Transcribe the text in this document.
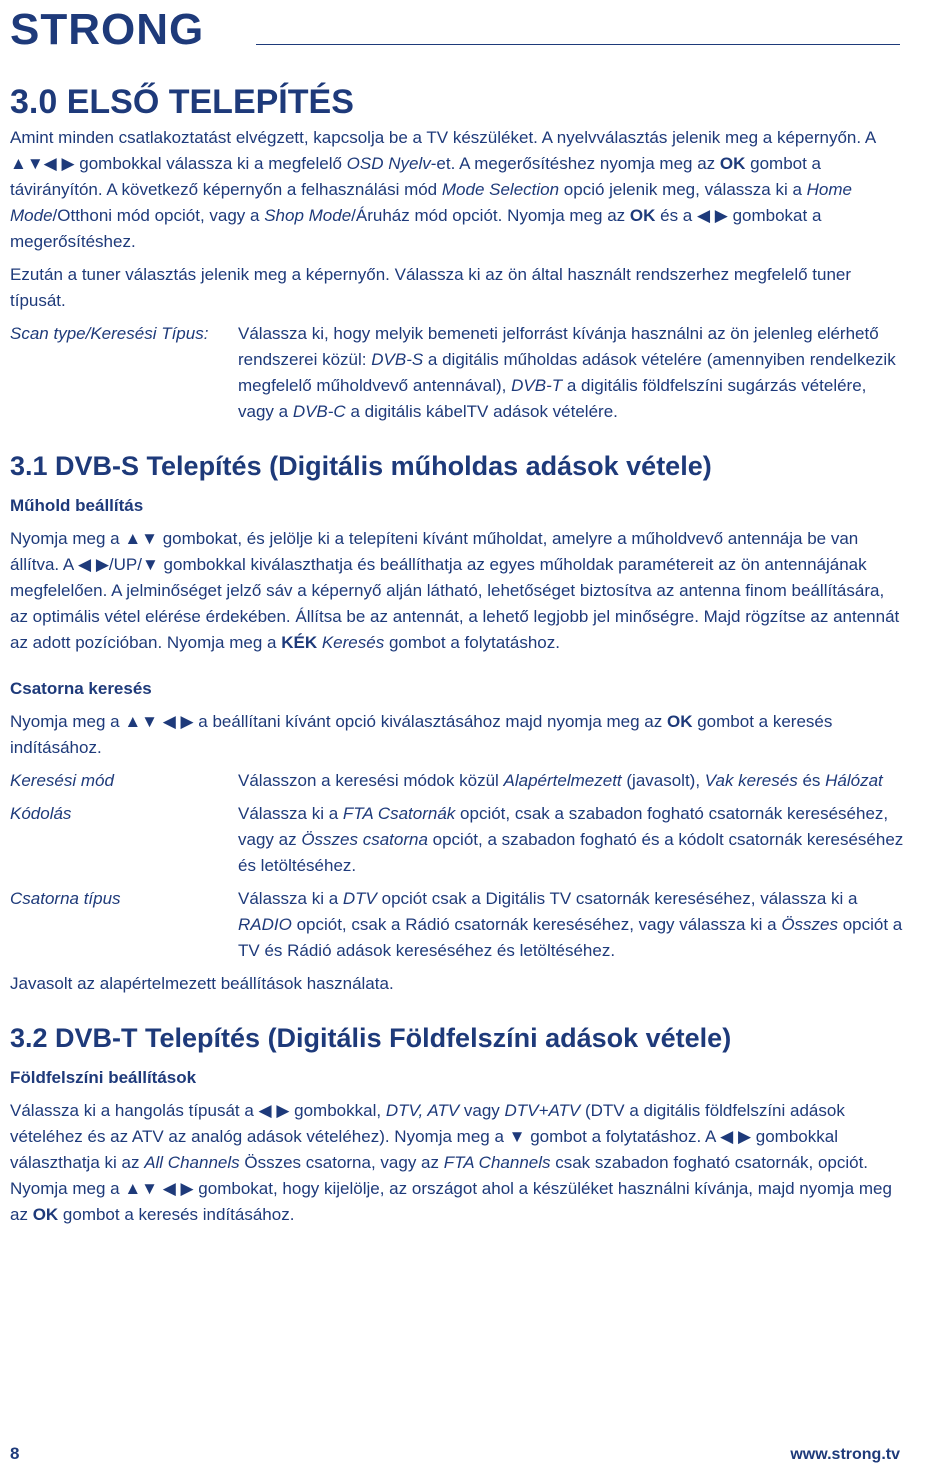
STRONG
3.0 ELSŐ TELEPÍTÉS

Amint minden csatlakoztatást elvégzett, kapcsolja be a TV készüléket. A nyelvválasztás jelenik meg a képernyőn. A ▲▼◀ ▶ gombokkal válassza ki a megfelelő OSD Nyelv-et. A megerősítéshez nyomja meg az OK gombot a távirányítón. A következő képernyőn a felhasználási mód Mode Selection opció jelenik meg, válassza ki a Home Mode/Otthoni mód opciót, vagy a Shop Mode/Áruház mód opciót. Nyomja meg az OK és a ◀ ▶ gombokat a megerősítéshez.

Ezután a tuner választás jelenik meg a képernyőn. Válassza ki az ön által használt rendszerhez megfelelő tuner típusát.

Scan type/Keresési Típus:	Válassza ki, hogy melyik bemeneti jelforrást kívánja használni az ön jelenleg elérhető rendszerei közül: DVB-S a digitális műholdas adások vételére (amennyiben rendelkezik megfelelő műholdvevő antennával), DVB-T a digitális földfelszíni sugárzás vételére, vagy a DVB-C a digitális kábelTV adások vételére.
3.1 DVB-S Telepítés (Digitális műholdas adások vétele)
Műhold beállítás

Nyomja meg a ▲▼ gombokat, és jelölje ki a telepíteni kívánt műholdat, amelyre a műholdvevő antennája be van állítva. A ◀ ▶/UP/▼ gombokkal kiválaszthatja és beállíthatja az egyes műholdak paramétereit az ön antennájának megfelelően. A jelminőséget jelző sáv a képernyő alján látható, lehetőséget biztosítva az antenna finom beállítására, az optimális vétel elérése érdekében. Állítsa be az antennát, a lehető legjobb jel minőségre. Majd rögzítse az antennát az adott pozícióban. Nyomja meg a KÉK Keresés gombot a folytatáshoz.

Csatorna keresés

Nyomja meg a ▲▼ ◀ ▶ a beállítani kívánt opció kiválasztásához majd nyomja meg az OK gombot a keresés indításához.

Keresési mód	Válasszon a keresési módok közül Alapértelmezett (javasolt), Vak keresés és Hálózat
Kódolás	Válassza ki a FTA Csatornák opciót, csak a szabadon fogható csatornák kereséséhez, vagy az Összes csatorna opciót, a szabadon fogható és a kódolt csatornák kereséséhez és letöltéséhez.
Csatorna típus	Válassza ki a DTV opciót csak a Digitális TV csatornák kereséséhez, válassza ki a RADIO opciót, csak a Rádió csatornák kereséséhez, vagy válassza ki a Összes opciót a TV és Rádió adások kereséséhez és letöltéséhez.

Javasolt az alapértelmezett beállítások használata.

3.2 DVB-T Telepítés (Digitális Földfelszíni adások vétele)
Földfelszíni beállítások

Válassza ki a hangolás típusát a ◀ ▶ gombokkal, DTV, ATV vagy DTV+ATV (DTV a digitális földfelszíni adások vételéhez és az ATV az analóg adások vételéhez). Nyomja meg a ▼ gombot a folytatáshoz. A ◀ ▶ gombokkal választhatja ki az All Channels Összes csatorna, vagy az FTA Channels csak szabadon fogható csatornák, opciót. Nyomja meg a ▲▼ ◀ ▶ gombokat, hogy kijelölje, az országot ahol a készüléket használni kívánja, majd nyomja meg az OK gombot a keresés indításához.

8	www.strong.tv
